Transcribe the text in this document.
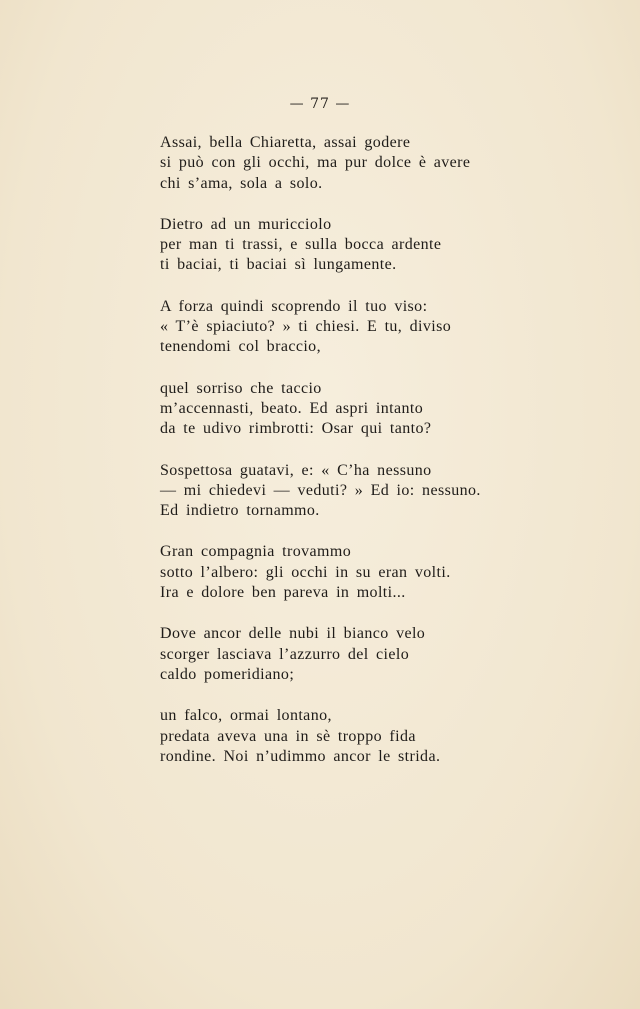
— 77 —
Assai, bella Chiaretta, assai godere
si può con gli occhi, ma pur dolce è avere
chi s’ama, sola a solo.
Dietro ad un muricciolo
per man ti trassi, e sulla bocca ardente
ti baciai, ti baciai sì lungamente.
A forza quindi scoprendo il tuo viso:
« T’è spiaciuto? » ti chiesi. E tu, diviso
tenendomi col braccio,
quel sorriso che taccio
m’accennasti, beato. Ed aspri intanto
da te udivo rimbrotti: Osar qui tanto?
Sospettosa guatavi, e: « C’ha nessuno
— mi chiedevi — veduti? » Ed io: nessuno.
Ed indietro tornammo.
Gran compagnia trovammo
sotto l’albero: gli occhi in su eran volti.
Ira e dolore ben pareva in molti...
Dove ancor delle nubi il bianco velo
scorger lasciava l’azzurro del cielo
caldo pomeridiano;
un falco, ormai lontano,
predata aveva una in sè troppo fida
rondine. Noi n’udimmo ancor le strida.
